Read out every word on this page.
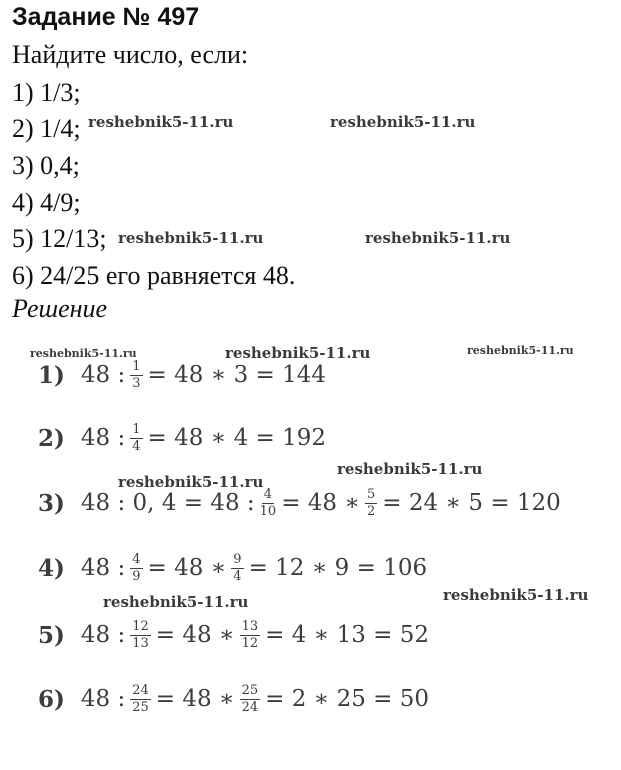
Задание № 497
Найдите число, если:
1) 1/3;
2) 1/4;
3) 0,4;
4) 4/9;
5) 12/13;
6) 24/25 его равняется 48.
Решение
reshebnik5-11.ru	reshebnik5-11.ru
reshebnik5-11.ru	reshebnik5-11.ru
reshebnik5-11.ru	reshebnik5-11.ru	reshebnik5-11.ru
reshebnik5-11.ru
reshebnik5-11.ru
reshebnik5-11.ru	reshebnik5-11.ru
1) 48 : $\frac{1}{3} = 48$ ∗ 3 = 144
2) 48 : $\frac{1}{4} = 48$ ∗ 4 = 192
3) 48 : 0, 4 = 48 : $\frac{4}{10} = 48$ ∗ $\frac{5}{2} = 24$ ∗ 5 = 120
4) 48 : $\frac{4}{9} = 48$ ∗ $\frac{9}{4} = 12$ ∗ 9 = 106
5) 48 : $\frac{12}{13} = 48$ ∗ $\frac{13}{12} = 4$ ∗ 13 = 52
6) 48 : $\frac{24}{25} = 48$ ∗ $\frac{25}{24} = 2$ ∗ 25 = 50
